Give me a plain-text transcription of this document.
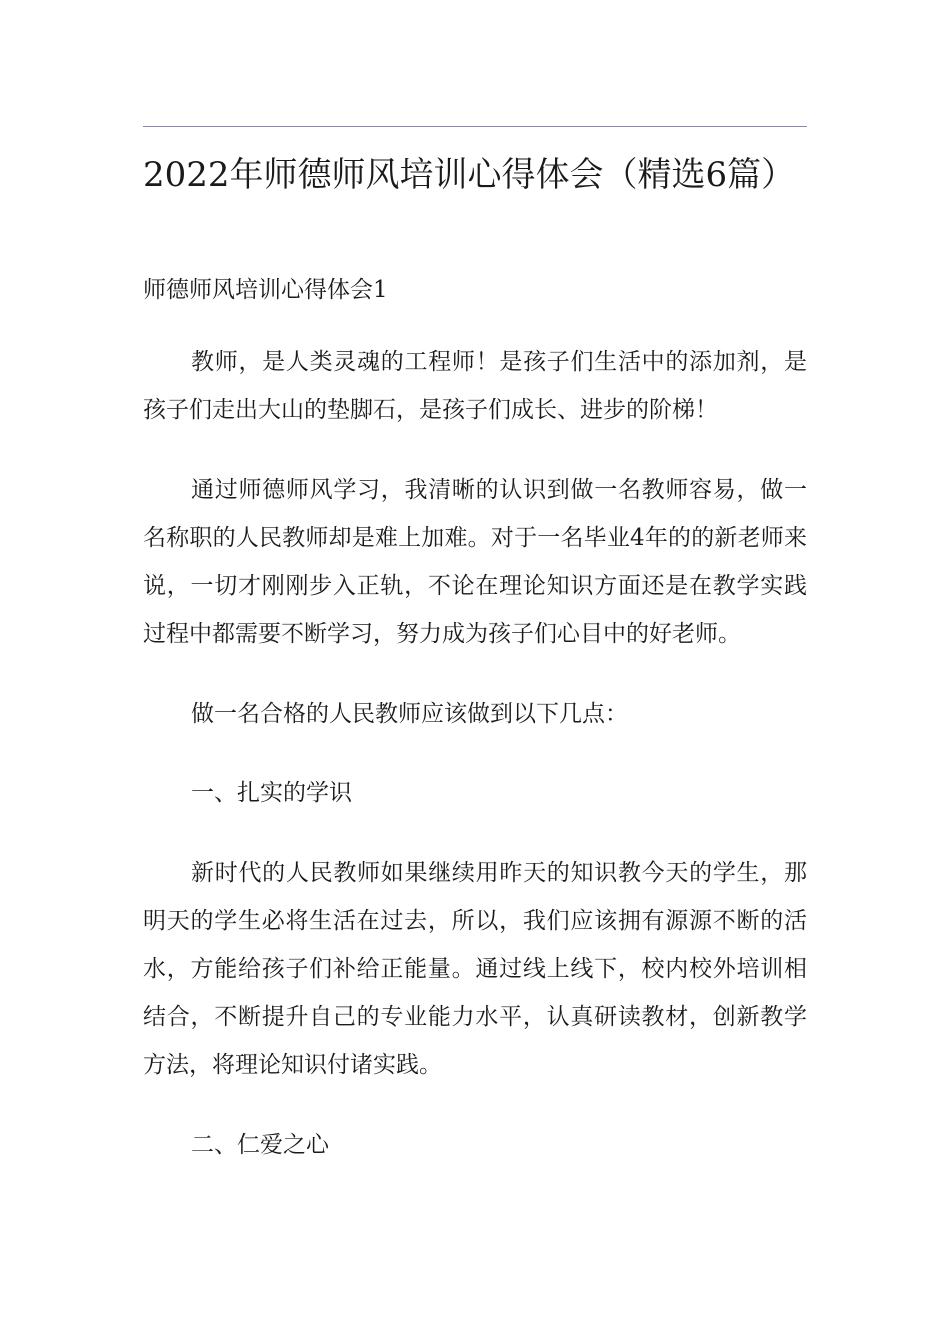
2022年师德师风培训心得体会（精选6篇）
师德师风培训心得体会1

教师，是人类灵魂的工程师！是孩子们生活中的添加剂，是孩子们走出大山的垫脚石，是孩子们成长、进步的阶梯！

通过师德师风学习，我清晰的认识到做一名教师容易，做一名称职的人民教师却是难上加难。对于一名毕业4年的的新老师来说，一切才刚刚步入正轨，不论在理论知识方面还是在教学实践过程中都需要不断学习，努力成为孩子们心目中的好老师。

做一名合格的人民教师应该做到以下几点：

一、扎实的学识

新时代的人民教师如果继续用昨天的知识教今天的学生，那明天的学生必将生活在过去，所以，我们应该拥有源源不断的活水，方能给孩子们补给正能量。通过线上线下，校内校外培训相结合，不断提升自己的专业能力水平，认真研读教材，创新教学方法，将理论知识付诸实践。

二、仁爱之心
